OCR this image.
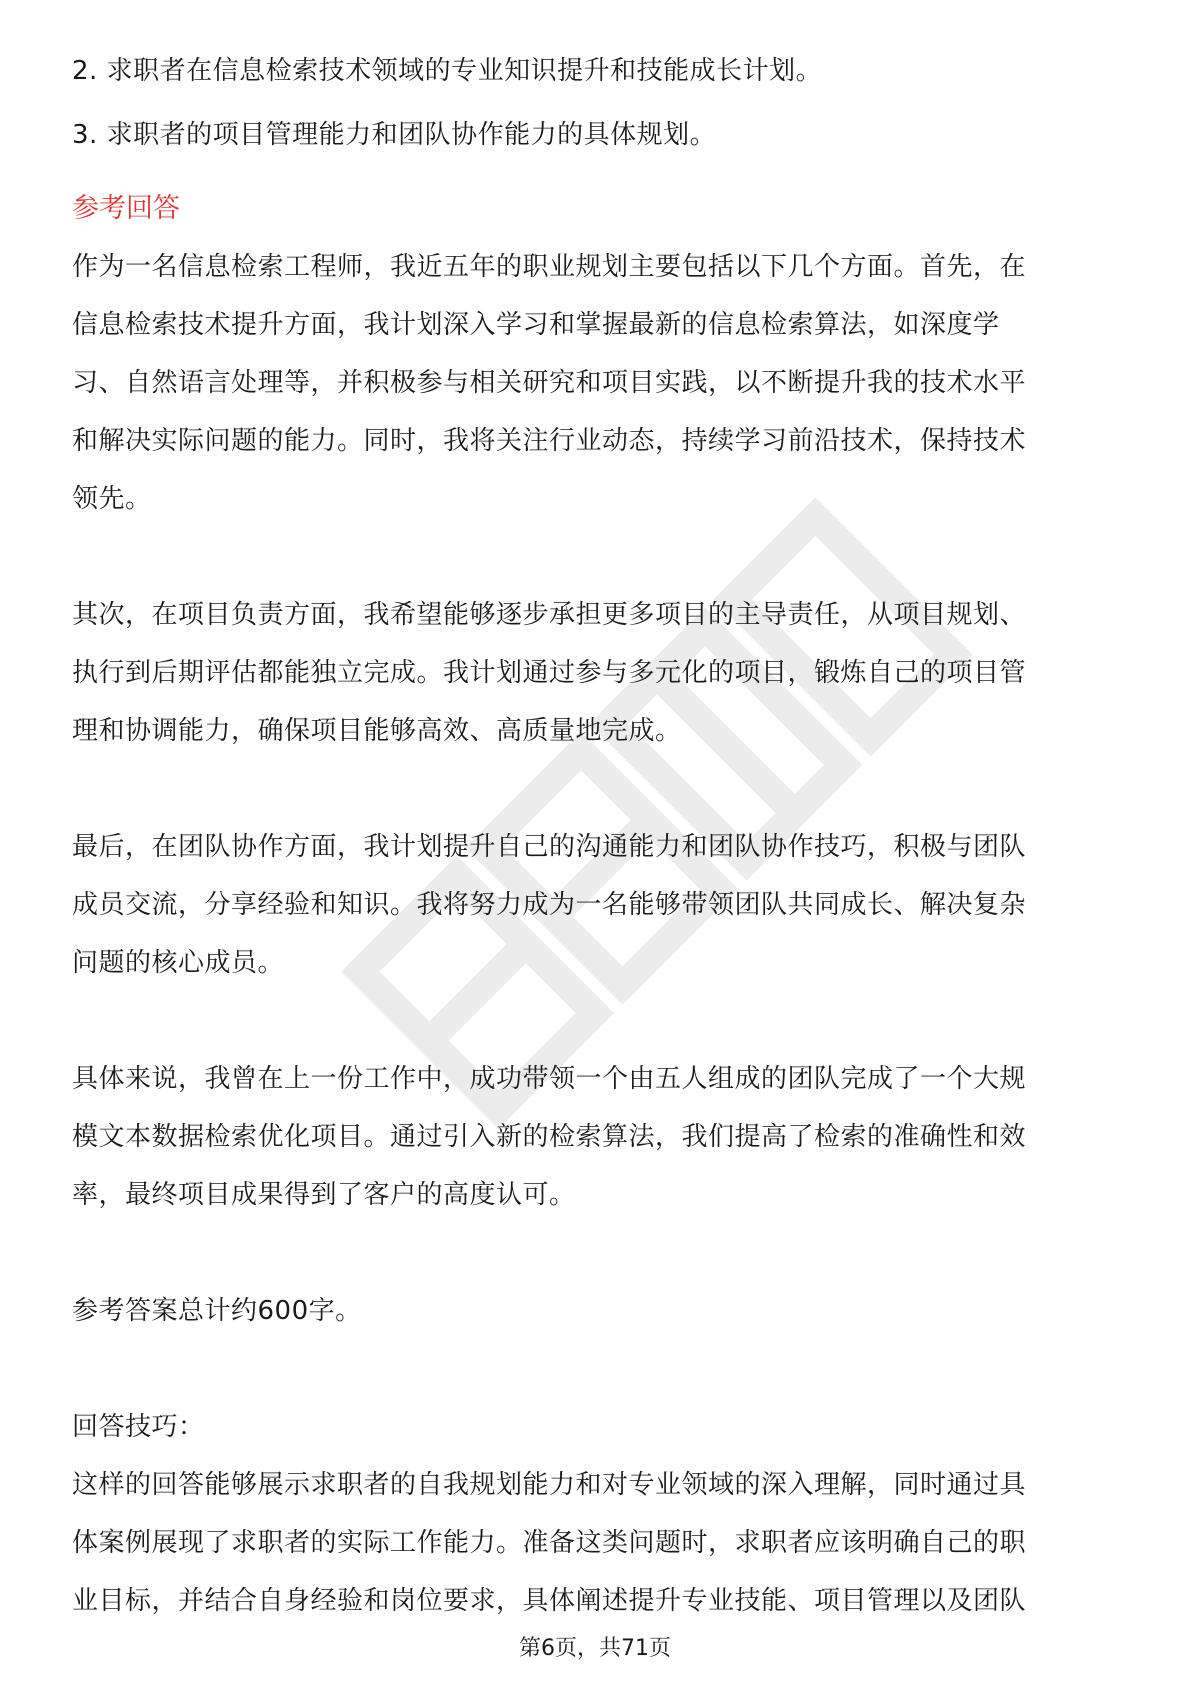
2. 求职者在信息检索技术领域的专业知识提升和技能成长计划。
3. 求职者的项目管理能力和团队协作能力的具体规划。
参考回答
作为一名信息检索工程师，我近五年的职业规划主要包括以下几个方面。首先，在
信息检索技术提升方面，我计划深入学习和掌握最新的信息检索算法，如深度学
习、自然语言处理等，并积极参与相关研究和项目实践，以不断提升我的技术水平
和解决实际问题的能力。同时，我将关注行业动态，持续学习前沿技术，保持技术
领先。
其次，在项目负责方面，我希望能够逐步承担更多项目的主导责任，从项目规划、
执行到后期评估都能独立完成。我计划通过参与多元化的项目，锻炼自己的项目管
理和协调能力，确保项目能够高效、高质量地完成。
最后，在团队协作方面，我计划提升自己的沟通能力和团队协作技巧，积极与团队
成员交流，分享经验和知识。我将努力成为一名能够带领团队共同成长、解决复杂
问题的核心成员。
具体来说，我曾在上一份工作中，成功带领一个由五人组成的团队完成了一个大规
模文本数据检索优化项目。通过引入新的检索算法，我们提高了检索的准确性和效
率，最终项目成果得到了客户的高度认可。
参考答案总计约600字。
回答技巧：
这样的回答能够展示求职者的自我规划能力和对专业领域的深入理解，同时通过具
体案例展现了求职者的实际工作能力。准备这类问题时，求职者应该明确自己的职
业目标，并结合自身经验和岗位要求，具体阐述提升专业技能、项目管理以及团队
第6页，共71页
